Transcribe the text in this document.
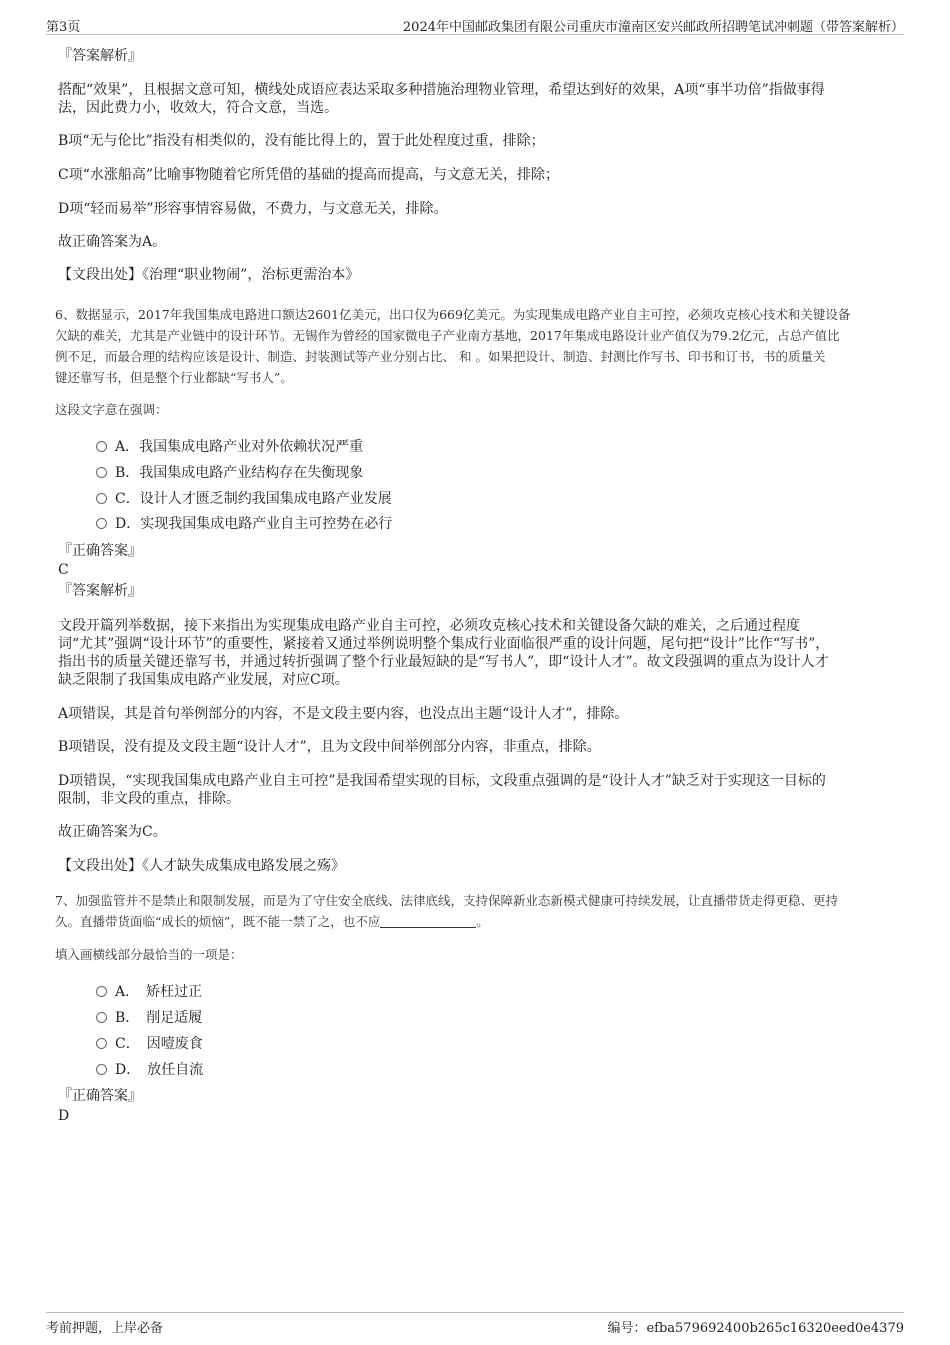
第3页	2024年中国邮政集团有限公司重庆市潼南区安兴邮政所招聘笔试冲刺题（带答案解析）
『答案解析』
搭配“效果”，且根据文意可知，横线处成语应表达采取多种措施治理物业管理，希望达到好的效果，A项“事半功倍”指做事得
法，因此费力小，收效大，符合文意，当选。
B项“无与伦比”指没有相类似的，没有能比得上的，置于此处程度过重，排除；
C项“水涨船高”比喻事物随着它所凭借的基础的提高而提高，与文意无关，排除；
D项“轻而易举”形容事情容易做，不费力，与文意无关，排除。
故正确答案为A。
【文段出处】《治理“职业物闹”，治标更需治本》
6、数据显示，2017年我国集成电路进口额达2601亿美元，出口仅为669亿美元。为实现集成电路产业自主可控，必须攻克核心技术和关键设备
欠缺的难关，尤其是产业链中的设计环节。无锡作为曾经的国家微电子产业南方基地，2017年集成电路设计业产值仅为79.2亿元，占总产值比
例不足，而最合理的结构应该是设计、制造、封装测试等产业分别占比、 和 。如果把设计、制造、封测比作写书、印书和订书，书的质量关
键还靠写书，但是整个行业都缺“写书人”。
这段文字意在强调：
A．我国集成电路产业对外依赖状况严重
B．我国集成电路产业结构存在失衡现象
C．设计人才匮乏制约我国集成电路产业发展
D．实现我国集成电路产业自主可控势在必行
『正确答案』
C
『答案解析』
文段开篇列举数据，接下来指出为实现集成电路产业自主可控，必须攻克核心技术和关键设备欠缺的难关，之后通过程度
词“尤其”强调“设计环节”的重要性，紧接着又通过举例说明整个集成行业面临很严重的设计问题，尾句把“设计”比作“写书”，
指出书的质量关键还靠写书，并通过转折强调了整个行业最短缺的是“写书人”，即“设计人才”。故文段强调的重点为设计人才
缺乏限制了我国集成电路产业发展，对应C项。
A项错误，其是首句举例部分的内容，不是文段主要内容，也没点出主题“设计人才”，排除。
B项错误，没有提及文段主题“设计人才”，且为文段中间举例部分内容，非重点，排除。
D项错误，“实现我国集成电路产业自主可控”是我国希望实现的目标，文段重点强调的是“设计人才”缺乏对于实现这一目标的
限制，非文段的重点，排除。
故正确答案为C。
【文段出处】《人才缺失成集成电路发展之殇》
7、加强监管并不是禁止和限制发展，而是为了守住安全底线、法律底线，支持保障新业态新模式健康可持续发展，让直播带货走得更稳、更持
久。直播带货面临“成长的烦恼”，既不能一禁了之，也不应	。
填入画横线部分最恰当的一项是：
A．　矫枉过正
B．　削足适履
C．　因噎废食
D．　放任自流
『正确答案』
D
考前押题，上岸必备	编号：efba579692400b265c16320eed0e4379
